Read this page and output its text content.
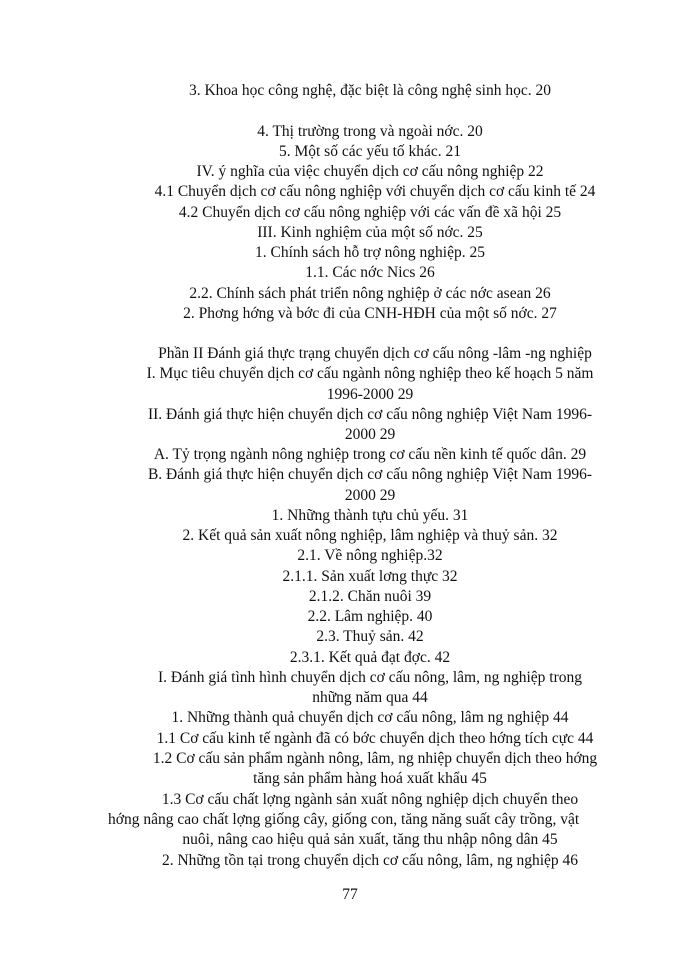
3. Khoa học công nghệ, đặc biệt là công nghệ sinh học. 20
4. Thị trường trong và ngoài nớc. 20
5. Một số các yếu tố khác. 21
IV. ý nghĩa của việc chuyển dịch cơ cấu nông nghiệp 22
4.1 Chuyển dịch cơ cấu nông nghiệp với chuyển dịch cơ cấu kinh tế 24
4.2 Chuyển dịch cơ cấu nông nghiệp với các vấn đề xã hội 25
III. Kinh nghiệm của một số nớc. 25
1. Chính sách hỗ trợ nông nghiệp. 25
1.1. Các nớc Nics 26
2.2. Chính sách phát triển nông nghiệp ở các nớc asean 26
2. Phơng hớng và bớc đi của CNH-HĐH của một số nớc. 27
Phần II Đánh giá thực trạng chuyển dịch cơ cấu nông -lâm -ng nghiệp
I. Mục tiêu chuyển dịch cơ cấu ngành nông nghiệp theo kế hoạch 5 năm
1996-2000 29
II. Đánh giá thực hiện chuyển dịch cơ cấu nông nghiệp Việt Nam 1996-
2000 29
A. Tỷ trọng ngành nông nghiệp trong cơ cấu nền kinh tế quốc dân. 29
B. Đánh giá thực hiện chuyển dịch cơ cấu nông nghiệp Việt Nam 1996-
2000 29
1. Những thành tựu chủ yếu. 31
2. Kết quả sản xuất nông nghiệp, lâm nghiệp và thuỷ sản. 32
2.1. Về nông nghiệp.32
2.1.1. Sản xuất lơng thực 32
2.1.2. Chăn nuôi 39
2.2. Lâm nghiệp. 40
2.3. Thuỷ sản. 42
2.3.1. Kết quả đạt đợc. 42
I. Đánh giá tình hình chuyển dịch cơ cấu nông, lâm, ng nghiệp trong
những năm qua 44
1. Những thành quả chuyển dịch cơ cấu nông, lâm ng nghiệp 44
1.1 Cơ cấu kinh tế ngành đã có bớc chuyển dịch theo hớng tích cực 44
1.2 Cơ cấu sản phẩm ngành nông, lâm, ng nhiệp chuyển dịch theo hớng
tăng sản phẩm hàng hoá xuất khẩu 45
1.3 Cơ cấu chất lợng ngành sản xuất nông nghiệp dịch chuyển theo
hớng nâng cao chất lợng giống cây, giống con, tăng năng suất cây trồng, vật
nuôi, nâng cao hiệu quả sản xuất, tăng thu nhập nông dân 45
2. Những tồn tại trong chuyển dịch cơ cấu nông, lâm, ng nghiệp 46
77
